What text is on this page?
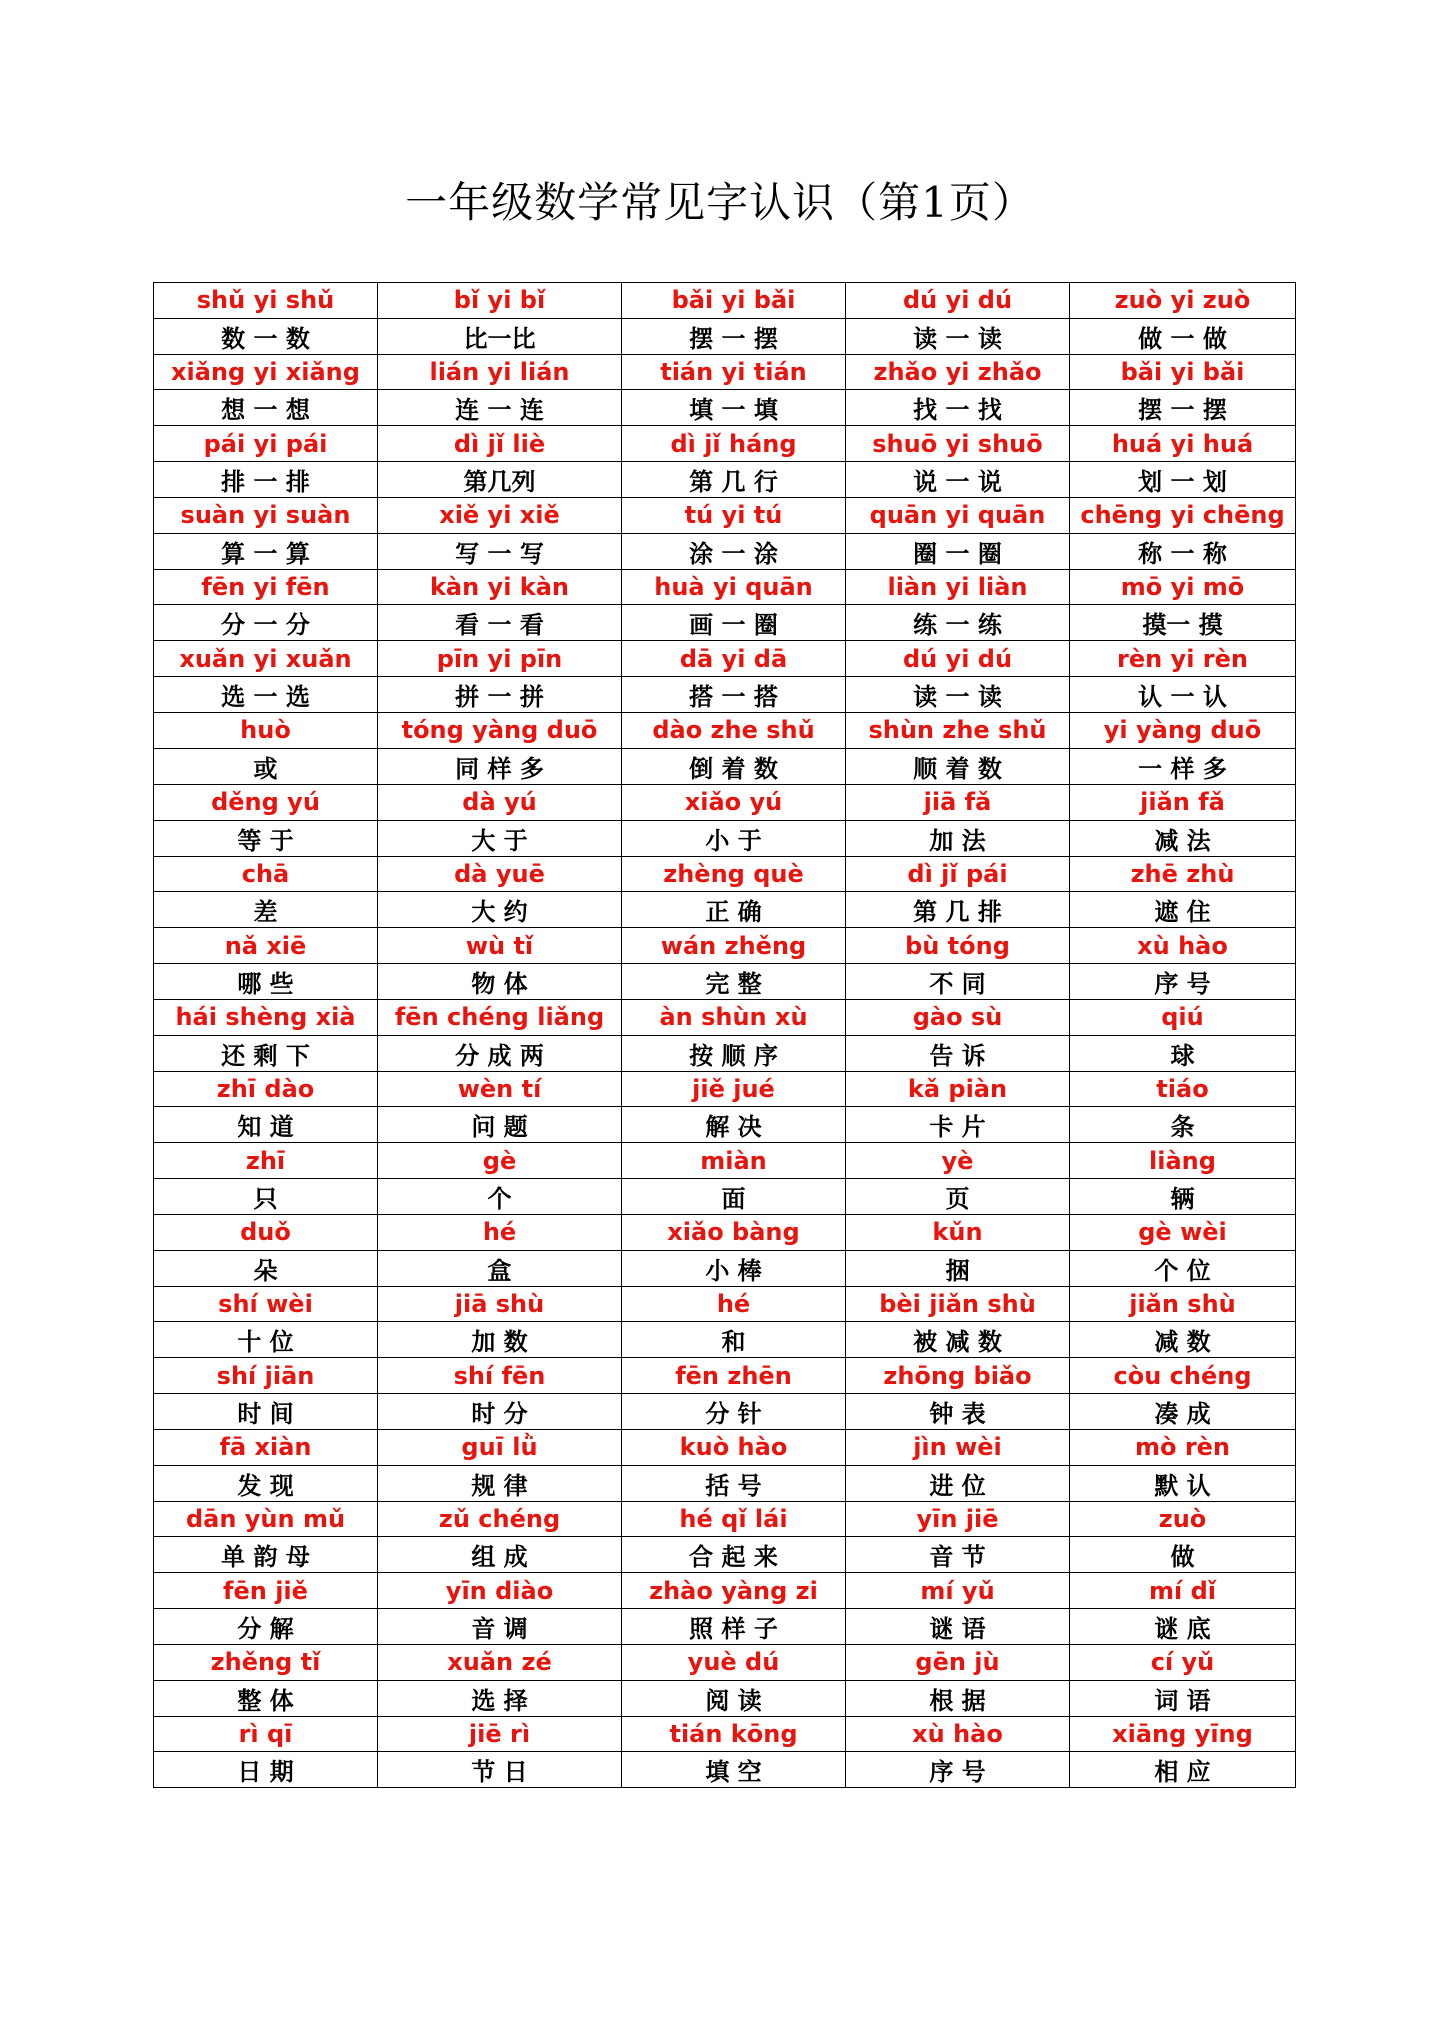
一年级数学常见字认识（第1页）
shǔ yi shǔ	bǐ yi bǐ	bǎi yi bǎi	dú yi dú	zuò yi zuò
数 一 数	比一比	摆 一 摆	读 一 读	做 一 做
xiǎng yi xiǎng	lián yi lián	tián yi tián	zhǎo yi zhǎo	bǎi yi bǎi
想 一 想	连 一 连	填 一 填	找 一 找	摆 一 摆
pái yi pái	dì jǐ liè	dì jǐ háng	shuō yi shuō	huá yi huá
排 一 排	第几列	第 几 行	说 一 说	划 一 划
suàn yi suàn	xiě yi xiě	tú yi tú	quān yi quān	chēng yi chēng
算 一 算	写 一 写	涂 一 涂	圈 一 圈	称 一 称
fēn yi fēn	kàn yi kàn	huà yi quān	liàn yi liàn	mō yi mō
分 一 分	看 一 看	画 一 圈	练 一 练	摸一 摸
xuǎn yi xuǎn	pīn yi pīn	dā yi dā	dú yi dú	rèn yi rèn
选 一 选	拼 一 拼	搭 一 搭	读 一 读	认 一 认
huò	tóng yàng duō	dào zhe shǔ	shùn zhe shǔ	yi yàng duō
或	同 样 多	倒 着 数	顺 着 数	一 样 多
děng yú	dà yú	xiǎo yú	jiā fǎ	jiǎn fǎ
等 于	大 于	小 于	加 法	减 法
chā	dà yuē	zhèng què	dì jǐ pái	zhē zhù
差	大 约	正 确	第 几 排	遮 住
nǎ xiē	wù tǐ	wán zhěng	bù tóng	xù hào
哪 些	物 体	完 整	不 同	序 号
hái shèng xià	fēn chéng liǎng	àn shùn xù	gào sù	qiú
还 剩 下	分 成 两	按 顺 序	告 诉	球
zhī dào	wèn tí	jiě jué	kǎ piàn	tiáo
知 道	问 题	解 决	卡 片	条
zhī	gè	miàn	yè	liàng
只	个	面	页	辆
duǒ	hé	xiǎo bàng	kǔn	gè wèi
朵	盒	小 棒	捆	个 位
shí wèi	jiā shù	hé	bèi jiǎn shù	jiǎn shù
十 位	加 数	和	被 减 数	减 数
shí jiān	shí fēn	fēn zhēn	zhōng biǎo	còu chéng
时 间	时 分	分 针	钟 表	凑 成
fā xiàn	guī lǜ	kuò hào	jìn wèi	mò rèn
发 现	规 律	括 号	进 位	默 认
dān yùn mǔ	zǔ chéng	hé qǐ lái	yīn jiē	zuò
单 韵 母	组 成	合 起 来	音 节	做
fēn jiě	yīn diào	zhào yàng zi	mí yǔ	mí dǐ
分 解	音 调	照 样 子	谜 语	谜 底
zhěng tǐ	xuǎn zé	yuè dú	gēn jù	cí yǔ
整 体	选 择	阅 读	根 据	词 语
rì qī	jiē rì	tián kōng	xù hào	xiāng yīng
日 期	节 日	填 空	序 号	相 应
